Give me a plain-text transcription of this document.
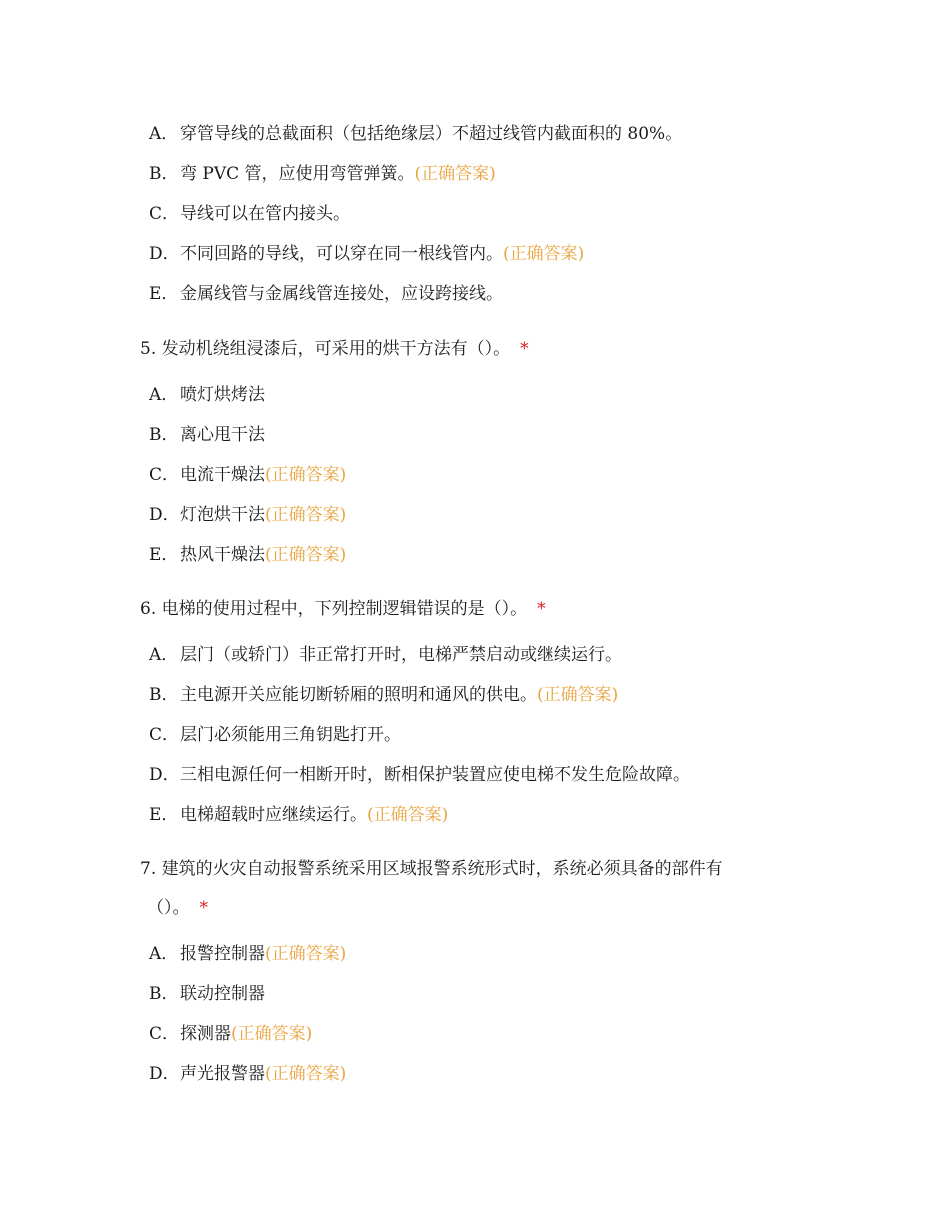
A． 穿管导线的总截面积（包括绝缘层）不超过线管内截面积的 80%。
B．弯 PVC 管，应使用弯管弹簧。(正确答案)
C．导线可以在管内接头。
D．不同回路的导线，可以穿在同一根线管内。(正确答案)
E．金属线管与金属线管连接处，应设跨接线。
5. 发动机绕组浸漆后，可采用的烘干方法有（）。 *
A． 喷灯烘烤法
B．离心甩干法
C．电流干燥法(正确答案)
D．灯泡烘干法(正确答案)
E．热风干燥法(正确答案)
6. 电梯的使用过程中，下列控制逻辑错误的是（）。 *
A． 层门（或轿门）非正常打开时，电梯严禁启动或继续运行。
B．主电源开关应能切断轿厢的照明和通风的供电。(正确答案)
C．层门必须能用三角钥匙打开。
D．三相电源任何一相断开时，断相保护装置应使电梯不发生危险故障。
E．电梯超载时应继续运行。(正确答案)
7. 建筑的火灾自动报警系统采用区域报警系统形式时，系统必须具备的部件有
（）。 *
A． 报警控制器(正确答案)
B．联动控制器
C．探测器(正确答案)
D．声光报警器(正确答案)
